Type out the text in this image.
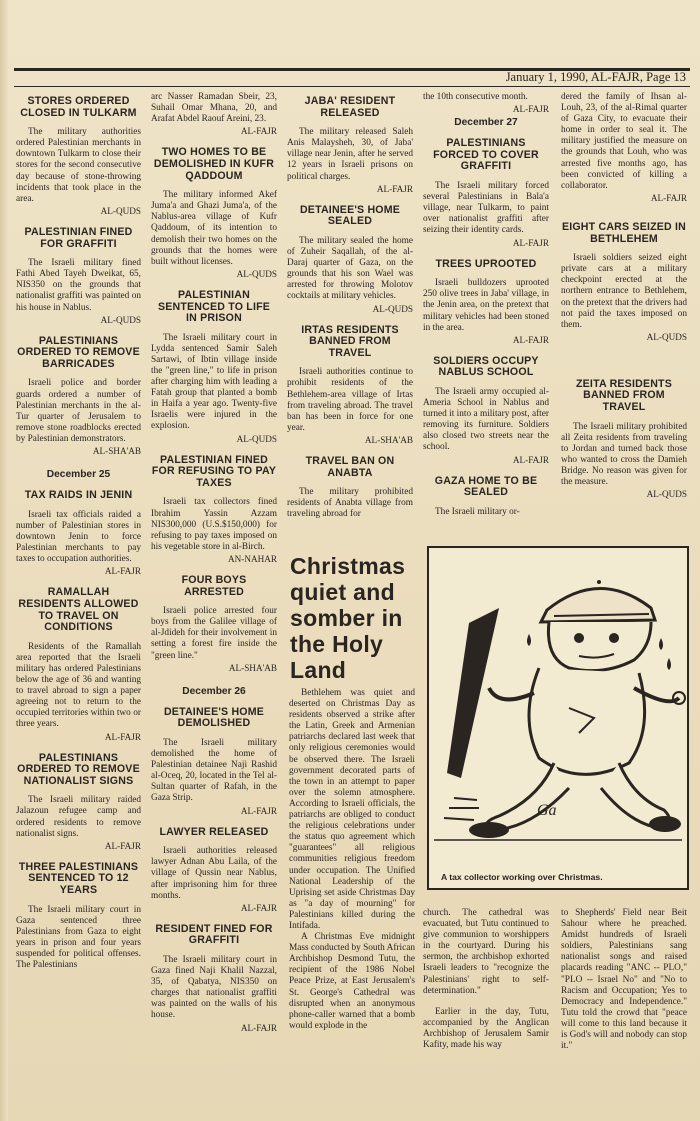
January 1, 1990, AL-FAJR, Page 13
STORES ORDERED CLOSED IN TULKARM
The military authorities ordered Palestinian merchants in downtown Tulkarm to close their stores for the second consecutive day because of stone-throwing incidents that took place in the area.
AL-QUDS
PALESTINIAN FINED FOR GRAFFITI
The Israeli military fined Fathi Abed Tayeh Dweikat, 65, NIS350 on the grounds that nationalist graffiti was painted on his house in Nablus.
AL-QUDS
PALESTINIANS ORDERED TO REMOVE BARRICADES
Israeli police and border guards ordered a number of Palestinian merchants in the al-Tur quarter of Jerusalem to remove stone roadblocks erected by Palestinian demonstrators.
AL-SHA'AB
December 25
TAX RAIDS IN JENIN
Israeli tax officials raided a number of Palestinian stores in downtown Jenin to force Palestinian merchants to pay taxes to occupation authorities.
AL-FAJR
RAMALLAH RESIDENTS ALLOWED TO TRAVEL ON CONDITIONS
Residents of the Ramallah area reported that the Israeli military has ordered Palestinians below the age of 36 and wanting to travel abroad to sign a paper agreeing not to return to the occupied territories within two or three years.
AL-FAJR
PALESTINIANS ORDERED TO REMOVE NATIONALIST SIGNS
The Israeli military raided Jalazoun refugee camp and ordered residents to remove nationalist signs.
AL-FAJR
THREE PALESTINIANS SENTENCED TO 12 YEARS
The Israeli military court in Gaza sentenced three Palestinians from Gaza to eight years in prison and four years suspended for political offenses. The Palestinians
arc Nasser Ramadan Sbeir, 23, Suhail Omar Mhana, 20, and Arafat Abdel Raouf Areini, 23.
AL-FAJR
TWO HOMES TO BE DEMOLISHED IN KUFR QADDOUM
The military informed Akef Juma'a and Ghazi Juma'a, of the Nablus-area village of Kufr Qaddoum, of its intention to demolish their two homes on the grounds that the homes were built without licenses.
AL-QUDS
PALESTINIAN SENTENCED TO LIFE IN PRISON
The Israeli military court in Lydda sentenced Samir Saleh Sartawi, of Ibtin village inside the "green line," to life in prison after charging him with leading a Fatah group that planted a bomb in Haifa a year ago. Twenty-five Israelis were injured in the explosion.
AL-QUDS
PALESTINIAN FINED FOR REFUSING TO PAY TAXES
Israeli tax collectors fined Ibrahim Yassin Azzam NIS300,000 (U.S.$150,000) for refusing to pay taxes imposed on his vegetable store in al-Birch.
AN-NAHAR
FOUR BOYS ARRESTED
Israeli police arrested four boys from the Galilee village of al-Jdideh for their involvement in setting a forest fire inside the "green line."
AL-SHA'AB
December 26
DETAINEE'S HOME DEMOLISHED
The Israeli military demolished the home of Palestinian detainee Naji Rashid al-Oceq, 20, located in the Tel al-Sultan quarter of Rafah, in the Gaza Strip.
AL-FAJR
LAWYER RELEASED
Israeli authorities released lawyer Adnan Abu Laila, of the village of Qussin near Nablus, after imprisoning him for three months.
AL-FAJR
RESIDENT FINED FOR GRAFFITI
The Israeli military court in Gaza fined Naji Khalil Nazzal, 35, of Qabatya, NIS350 on charges that nationalist graffiti was painted on the walls of his house.
AL-FAJR
JABA' RESIDENT RELEASED
The military released Saleh Anis Malaysheh, 30, of Jaba' village near Jenin, after he served 12 years in Israeli prisons on political charges.
AL-FAJR
DETAINEE'S HOME SEALED
The military sealed the home of Zuheir Saqallah, of the al-Daraj quarter of Gaza, on the grounds that his son Wael was arrested for throwing Molotov cocktails at military vehicles.
AL-QUDS
IRTAS RESIDENTS BANNED FROM TRAVEL
Israeli authorities continue to prohibit residents of the Bethlehem-area village of Irtas from traveling abroad. The travel ban has been in force for one year.
AL-SHA'AB
TRAVEL BAN ON ANABTA
The military prohibited residents of Anabta village from traveling abroad for
Christmas quiet and somber in the Holy Land
Bethlehem was quiet and deserted on Christmas Day as residents observed a strike after the Latin, Greek and Armenian patriarchs declared last week that only religious ceremonies would be observed there. The Israeli government decorated parts of the town in an attempt to paper over the solemn atmosphere. According to Israeli officials, the patriarchs are obliged to conduct the religious celebrations under the status quo agreement which "guarantees" all religious communities religious freedom under occupation. The Unified National Leadership of the Uprising set aside Christmas Day as "a day of mourning" for Palestinians killed during the Intifada.
A Christmas Eve midnight Mass conducted by South African Archbishop Desmond Tutu, the recipient of the 1986 Nobel Peace Prize, at East Jerusalem's St. George's Cathedral was disrupted when an anonymous phone-caller warned that a bomb would explode in the
the 10th consecutive month.
AL-FAJR
December 27
PALESTINIANS FORCED TO COVER GRAFFITI
The Israeli military forced several Palestinians in Bala'a village, near Tulkarm, to paint over nationalist graffiti after seizing their identity cards.
AL-FAJR
TREES UPROOTED
Israeli bulldozers uprooted 250 olive trees in Jaba' village, in the Jenin area, on the pretext that military vehicles had been stoned in the area.
AL-FAJR
SOLDIERS OCCUPY NABLUS SCHOOL
The Israeli army occupied al-Ameria School in Nablus and turned it into a military post, after removing its furniture. Soldiers also closed two streets near the school.
AL-FAJR
GAZA HOME TO BE SEALED
The Israeli military or-
dered the family of Ihsan al-Louh, 23, of the al-Rimal quarter of Gaza City, to evacuate their home in order to seal it. The military justified the measure on the grounds that Louh, who was arrested five months ago, has been convicted of killing a collaborator.
AL-FAJR
EIGHT CARS SEIZED IN BETHLEHEM
Israeli soldiers seized eight private cars at a military checkpoint erected at the northern entrance to Bethlehem, on the pretext that the drivers had not paid the taxes imposed on them.
AL-QUDS
ZEITA RESIDENTS BANNED FROM TRAVEL
The Israeli military prohibited all Zeita residents from traveling to Jordan and turned back those who wanted to cross the Damieh Bridge. No reason was given for the measure.
AL-QUDS
Ga
A tax collector working over Christmas.
church. The cathedral was evacuated, but Tutu continued to give communion to worshippers in the courtyard. During his sermon, the archbishop exhorted Israeli leaders to "recognize the Palestinians' right to self-determination."
Earlier in the day, Tutu, accompanied by the Anglican Archbishop of Jerusalem Samir Kafity, made his way
to Shepherds' Field near Beit Sahour where he preached. Amidst hundreds of Israeli soldiers, Palestinians sang nationalist songs and raised placards reading "ANC -- PLO," "PLO -- Israel No" and "No to Racism and Occupation; Yes to Democracy and Independence." Tutu told the crowd that "peace will come to this land because it is God's will and nobody can stop it."
